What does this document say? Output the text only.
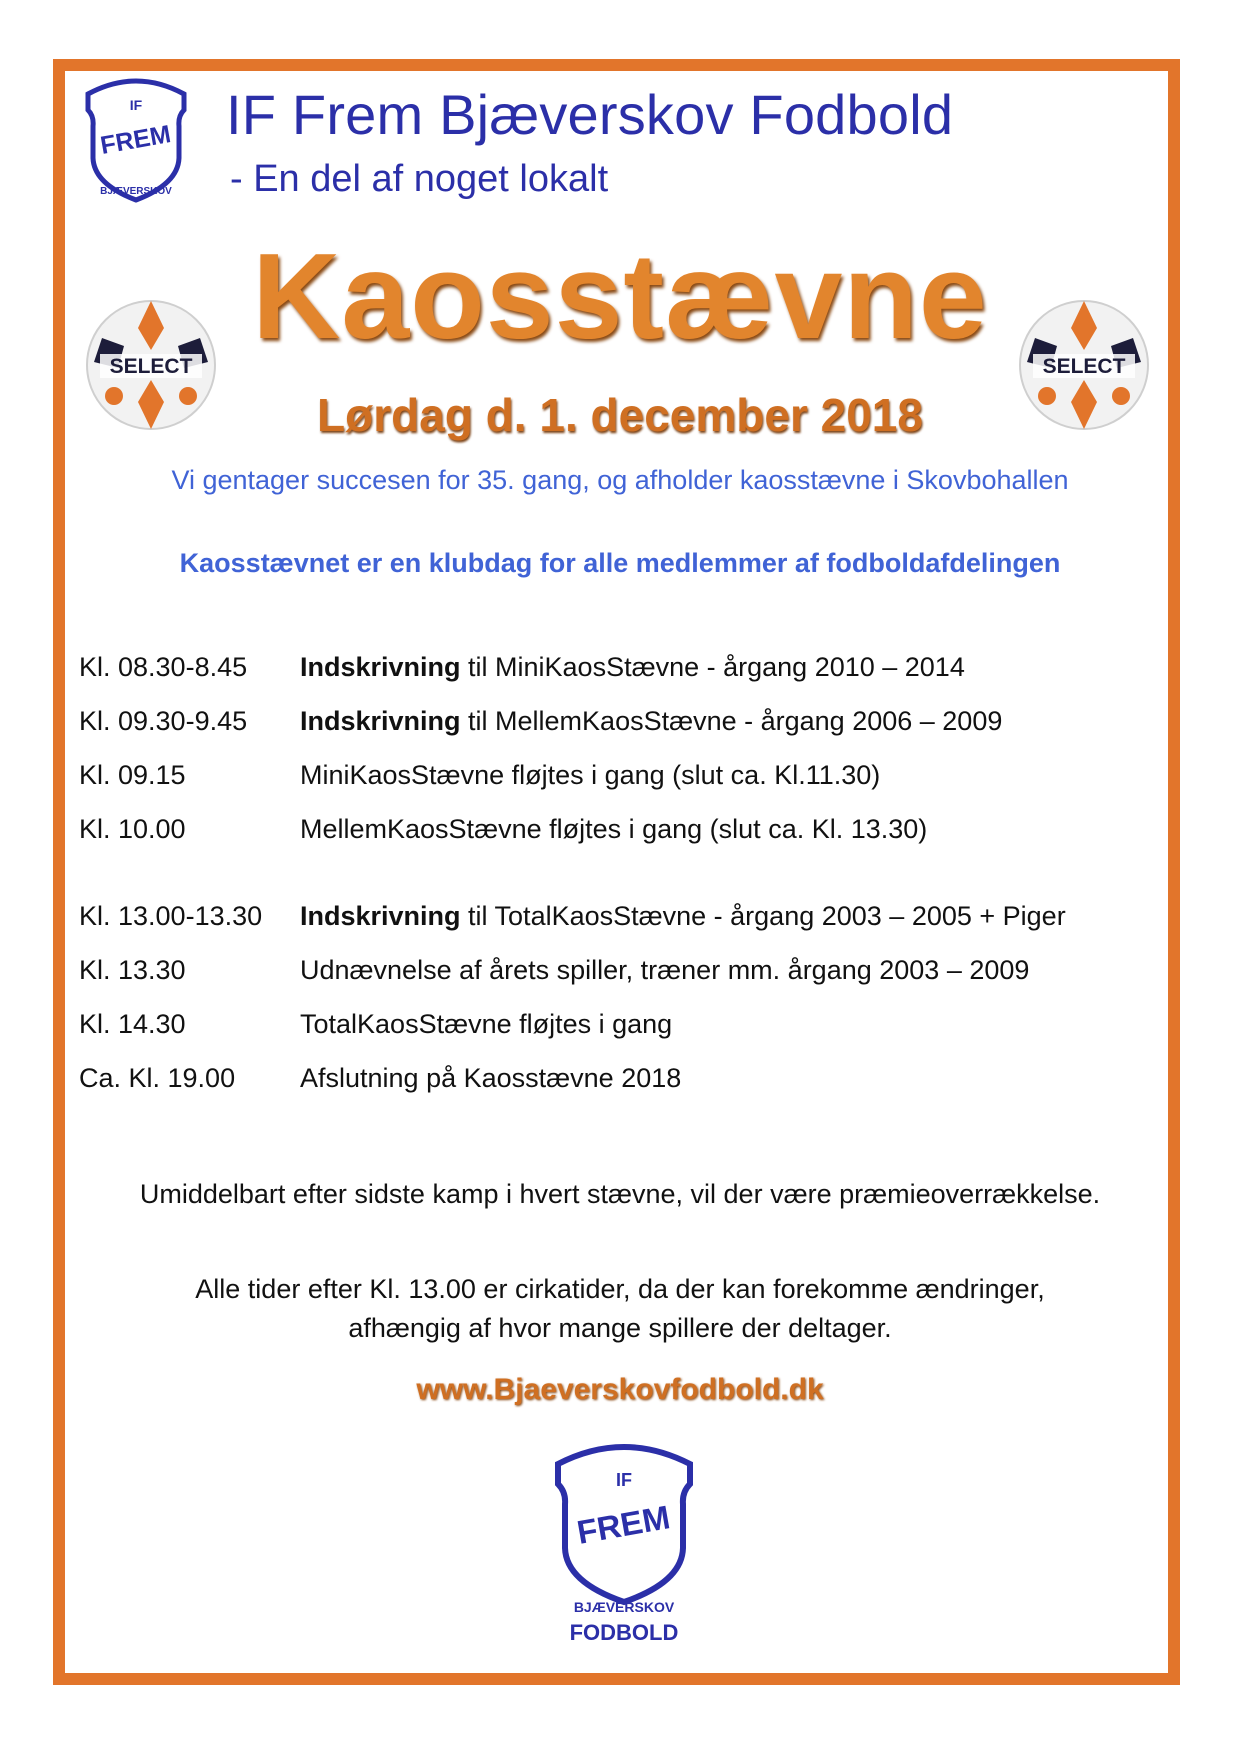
IF
FREM
BJÆVERSKOV
IF Frem Bjæverskov Fodbold
- En del af noget lokalt
Kaosstævne
SELECT	SELECT
Lørdag d. 1. december 2018
Vi gentager succesen for 35. gang, og afholder kaosstævne i Skovbohallen
Kaosstævnet er en klubdag for alle medlemmer af fodboldafdelingen
Kl. 08.30-8.45	Indskrivning til MiniKaosStævne - årgang 2010 – 2014
Kl. 09.30-9.45	Indskrivning til MellemKaosStævne - årgang 2006 – 2009
Kl. 09.15	MiniKaosStævne fløjtes i gang (slut ca. Kl.11.30)
Kl. 10.00	MellemKaosStævne fløjtes i gang (slut ca. Kl. 13.30)
Kl. 13.00-13.30	Indskrivning til TotalKaosStævne - årgang 2003 – 2005 + Piger
Kl. 13.30	Udnævnelse af årets spiller, træner mm. årgang 2003 – 2009
Kl. 14.30	TotalKaosStævne fløjtes i gang
Ca. Kl. 19.00	Afslutning på Kaosstævne 2018
Umiddelbart efter sidste kamp i hvert stævne, vil der være præmieoverrækkelse.
Alle tider efter Kl. 13.00 er cirkatider, da der kan forekomme ændringer,
afhængig af hvor mange spillere der deltager.
www.Bjaeverskovfodbold.dk
IF
FREM
BJÆVERSKOV
FODBOLD
